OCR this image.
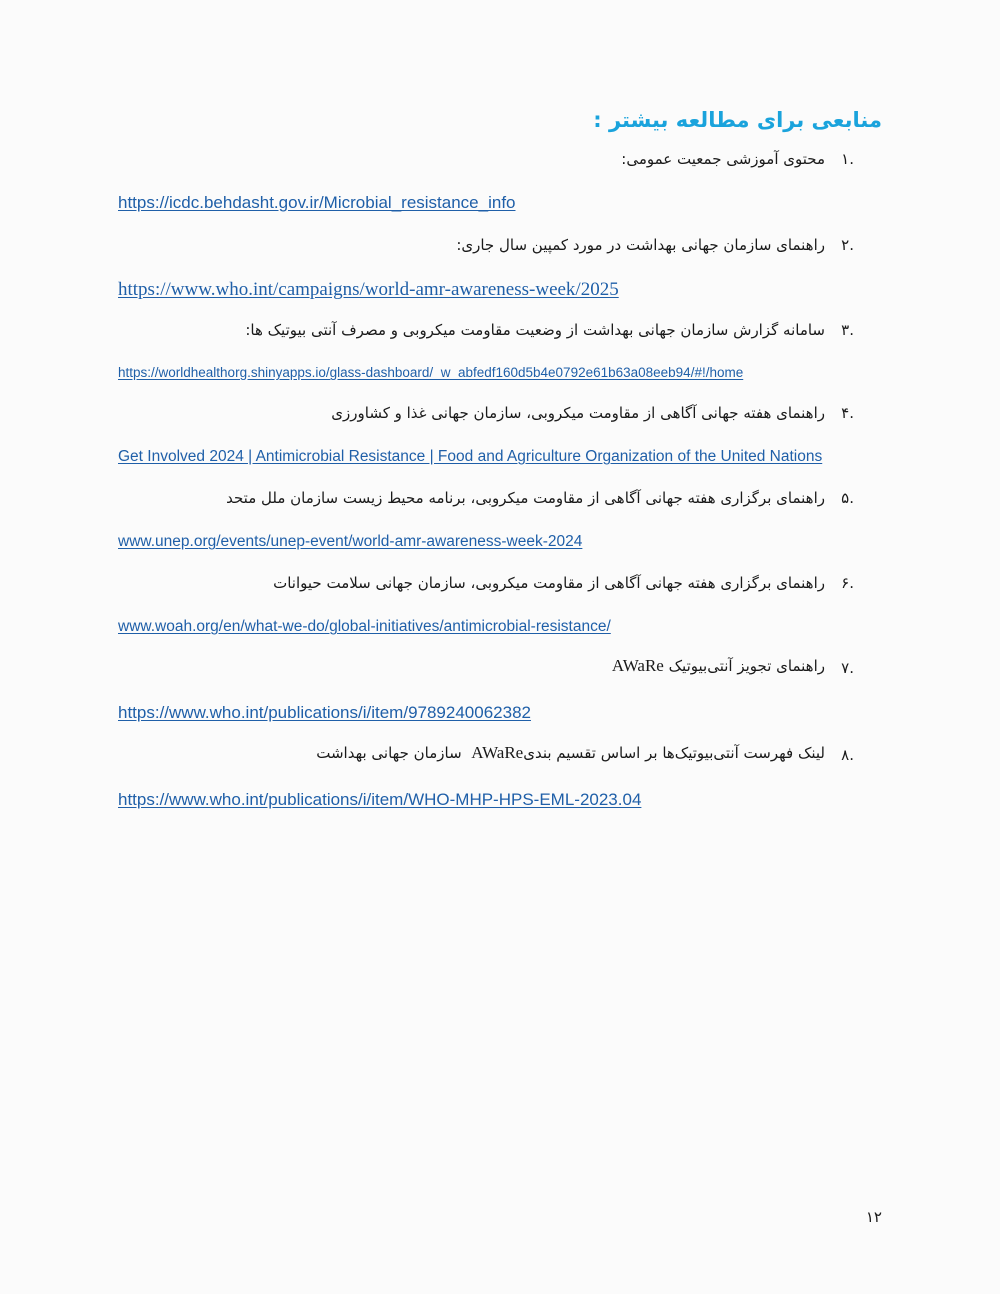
منابعی برای مطالعه بیشتر :
.۱
محتوی آموزشی جمعیت عمومی:
https://icdc.behdasht.gov.ir/Microbial_resistance_info
.۲
راهنمای سازمان جهانی بهداشت در مورد کمپین سال جاری:
https://www.who.int/campaigns/world-amr-awareness-week/2025
.۳
سامانه گزارش سازمان جهانی بهداشت از وضعیت مقاومت میکروبی و مصرف آنتی بیوتیک ها:
https://worldhealthorg.shinyapps.io/glass-dashboard/_w_abfedf160d5b4e0792e61b63a08eeb94/#!/home
.۴
راهنمای هفته جهانی آگاهی از مقاومت میکروبی، سازمان جهانی غذا و کشاورزی
Get Involved 2024 | Antimicrobial Resistance | Food and Agriculture Organization of the United Nations
.۵
راهنمای برگزاری هفته جهانی آگاهی از مقاومت میکروبی، برنامه محیط زیست سازمان ملل متحد
www.unep.org/events/unep-event/world-amr-awareness-week-2024
.۶
راهنمای برگزاری هفته جهانی آگاهی از مقاومت میکروبی، سازمان جهانی سلامت حیوانات
www.woah.org/en/what-we-do/global-initiatives/antimicrobial-resistance/
.۷
راهنمای تجویز آنتی‌بیوتیک AWaRe
https://www.who.int/publications/i/item/9789240062382
.۸
لینک فهرست آنتی‌بیوتیک‌ها بر اساس تقسیم بندیAWaRe  سازمان جهانی بهداشت
https://www.who.int/publications/i/item/WHO-MHP-HPS-EML-2023.04
۱۲
